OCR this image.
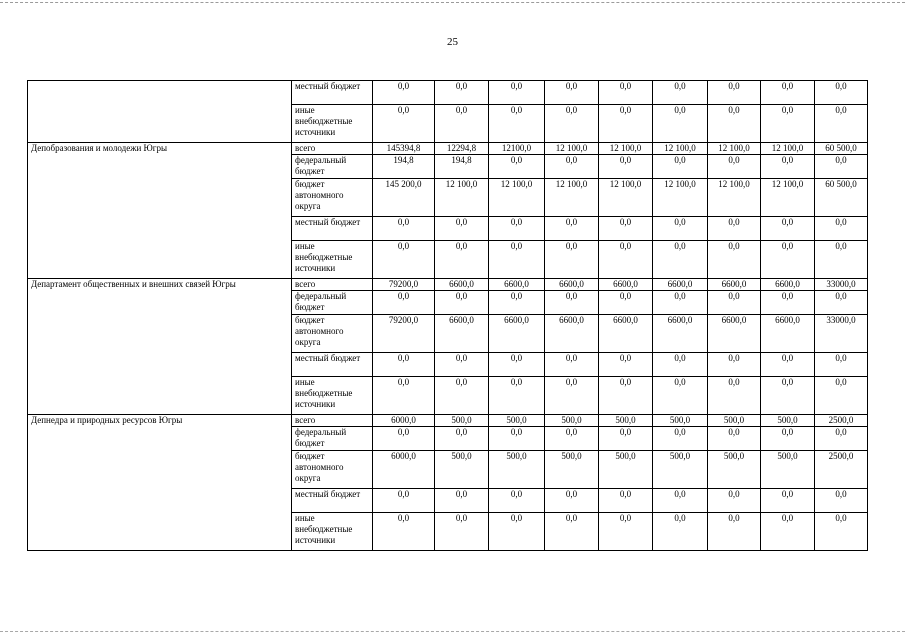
25
	местный бюджет	0,0	0,0	0,0	0,0	0,0	0,0	0,0	0,0	0,0
	иные внебюджетные источники	0,0	0,0	0,0	0,0	0,0	0,0	0,0	0,0	0,0
Депобразования и молодежи Югры	всего	145394,8	12294,8	12100,0	12 100,0	12 100,0	12 100,0	12 100,0	12 100,0	60 500,0
	федеральный бюджет	194,8	194,8	0,0	0,0	0,0	0,0	0,0	0,0	0,0
	бюджет автономного округа	145 200,0	12 100,0	12 100,0	12 100,0	12 100,0	12 100,0	12 100,0	12 100,0	60 500,0
	местный бюджет	0,0	0,0	0,0	0,0	0,0	0,0	0,0	0,0	0,0
	иные внебюджетные источники	0,0	0,0	0,0	0,0	0,0	0,0	0,0	0,0	0,0
Департамент общественных и внешних связей Югры	всего	79200,0	6600,0	6600,0	6600,0	6600,0	6600,0	6600,0	6600,0	33000,0
	федеральный бюджет	0,0	0,0	0,0	0,0	0,0	0,0	0,0	0,0	0,0
	бюджет автономного округа	79200,0	6600,0	6600,0	6600,0	6600,0	6600,0	6600,0	6600,0	33000,0
	местный бюджет	0,0	0,0	0,0	0,0	0,0	0,0	0,0	0,0	0,0
	иные внебюджетные источники	0,0	0,0	0,0	0,0	0,0	0,0	0,0	0,0	0,0
Депнедра и природных ресурсов Югры	всего	6000,0	500,0	500,0	500,0	500,0	500,0	500,0	500,0	2500,0
	федеральный бюджет	0,0	0,0	0,0	0,0	0,0	0,0	0,0	0,0	0,0
	бюджет автономного округа	6000,0	500,0	500,0	500,0	500,0	500,0	500,0	500,0	2500,0
	местный бюджет	0,0	0,0	0,0	0,0	0,0	0,0	0,0	0,0	0,0
	иные внебюджетные источники	0,0	0,0	0,0	0,0	0,0	0,0	0,0	0,0	0,0
